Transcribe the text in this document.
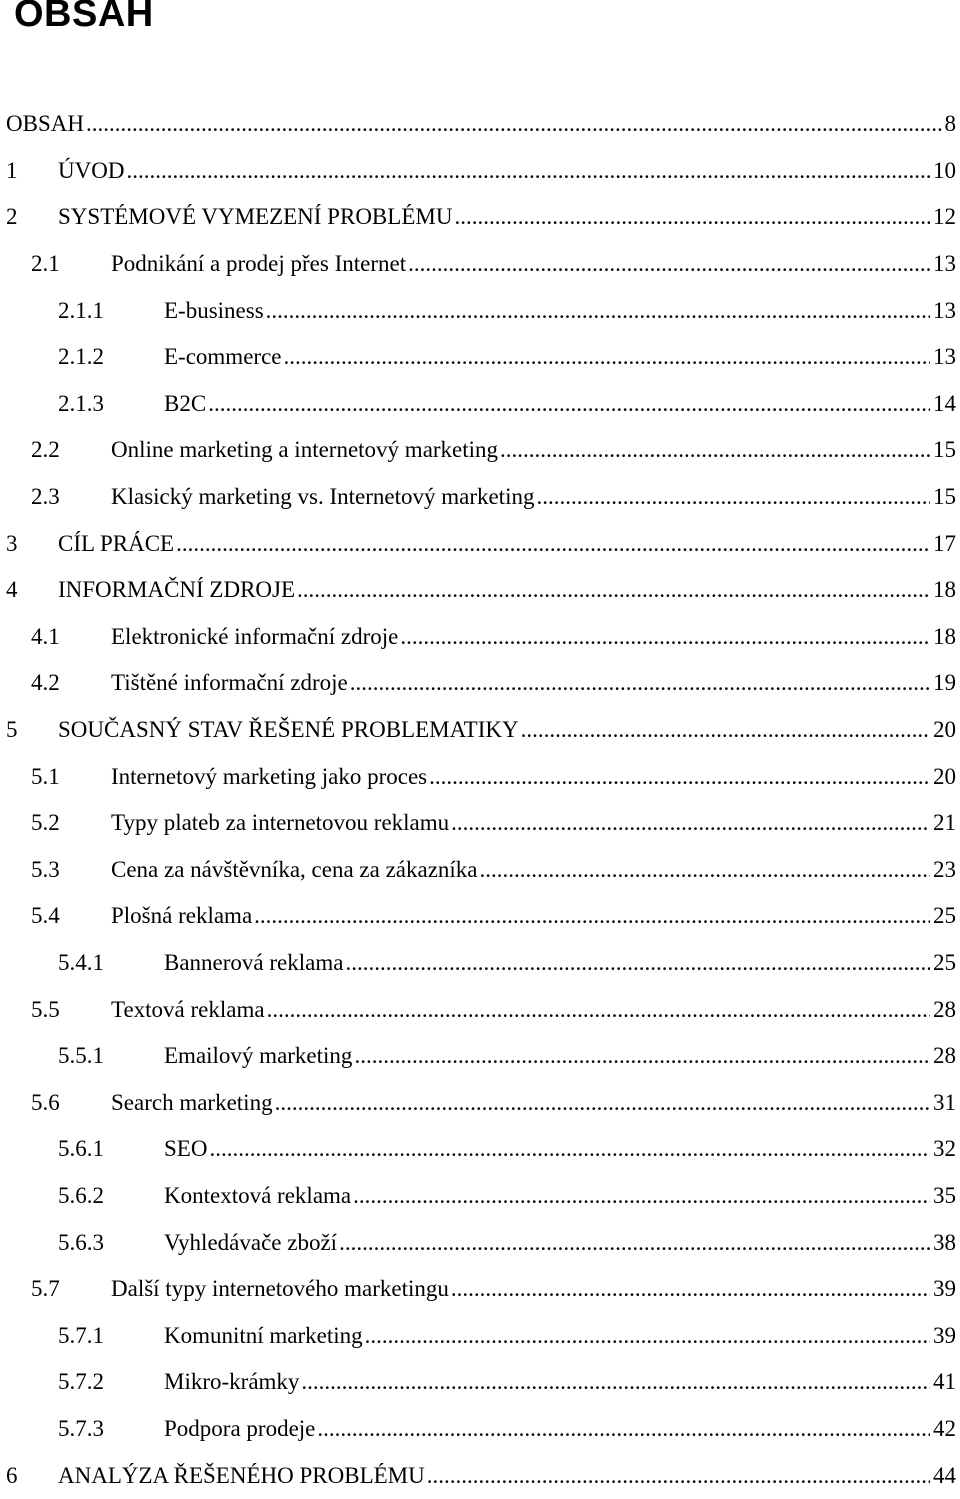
OBSAH
OBSAH .....	8
1	ÚVOD .....	10
2	SYSTÉMOVÉ VYMEZENÍ PROBLÉMU .....	12
2.1	Podnikání a prodej přes Internet .....	13
2.1.1	E-business .....	13
2.1.2	E-commerce .....	13
2.1.3	B2C .....	14
2.2	Online marketing a internetový marketing .....	15
2.3	Klasický marketing vs. Internetový marketing .....	15
3	CÍL PRÁCE .....	17
4	INFORMAČNÍ ZDROJE .....	18
4.1	Elektronické informační zdroje .....	18
4.2	Tištěné informační zdroje .....	19
5	SOUČASNÝ STAV ŘEŠENÉ PROBLEMATIKY .....	20
5.1	Internetový marketing jako proces .....	20
5.2	Typy plateb za internetovou reklamu .....	21
5.3	Cena za návštěvníka, cena za zákazníka .....	23
5.4	Plošná reklama .....	25
5.4.1	Bannerová reklama .....	25
5.5	Textová reklama .....	28
5.5.1	Emailový marketing .....	28
5.6	Search marketing .....	31
5.6.1	SEO .....	32
5.6.2	Kontextová reklama .....	35
5.6.3	Vyhledávače zboží .....	38
5.7	Další typy internetového marketingu .....	39
5.7.1	Komunitní marketing .....	39
5.7.2	Mikro-krámky .....	41
5.7.3	Podpora prodeje .....	42
6	ANALÝZA ŘEŠENÉHO PROBLÉMU .....	44
